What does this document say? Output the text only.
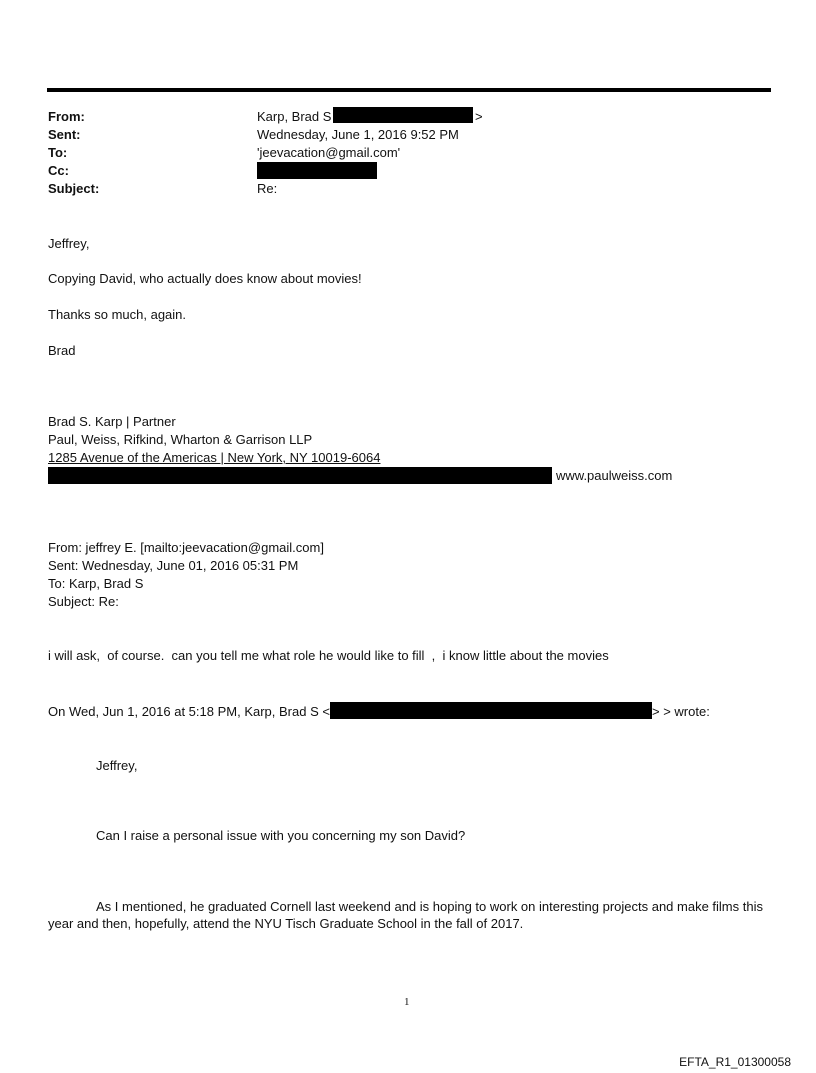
From:	Karp, Brad S	>
Sent:	Wednesday, June 1, 2016 9:52 PM
To:	'jeevacation@gmail.com'
Cc:
Subject:	Re:
Jeffrey,
Copying David, who actually does know about movies!
Thanks so much, again.
Brad
Brad S. Karp | Partner
Paul, Weiss, Rifkind, Wharton & Garrison LLP
1285 Avenue of the Americas | New York, NY 10019-6064
www.paulweiss.com
From: jeffrey E. [mailto:jeevacation@gmail.com]
Sent: Wednesday, June 01, 2016 05:31 PM
To: Karp, Brad S
Subject: Re:
i will ask,  of course.  can you tell me what role he would like to fill  ,  i know little about the movies
On Wed, Jun 1, 2016 at 5:18 PM, Karp, Brad S <	> > wrote:
Jeffrey,
Can I raise a personal issue with you concerning my son David?
As I mentioned, he graduated Cornell last weekend and is hoping to work on interesting projects and make films this year and then, hopefully, attend the NYU Tisch Graduate School in the fall of 2017.
1
EFTA_R1_01300058
